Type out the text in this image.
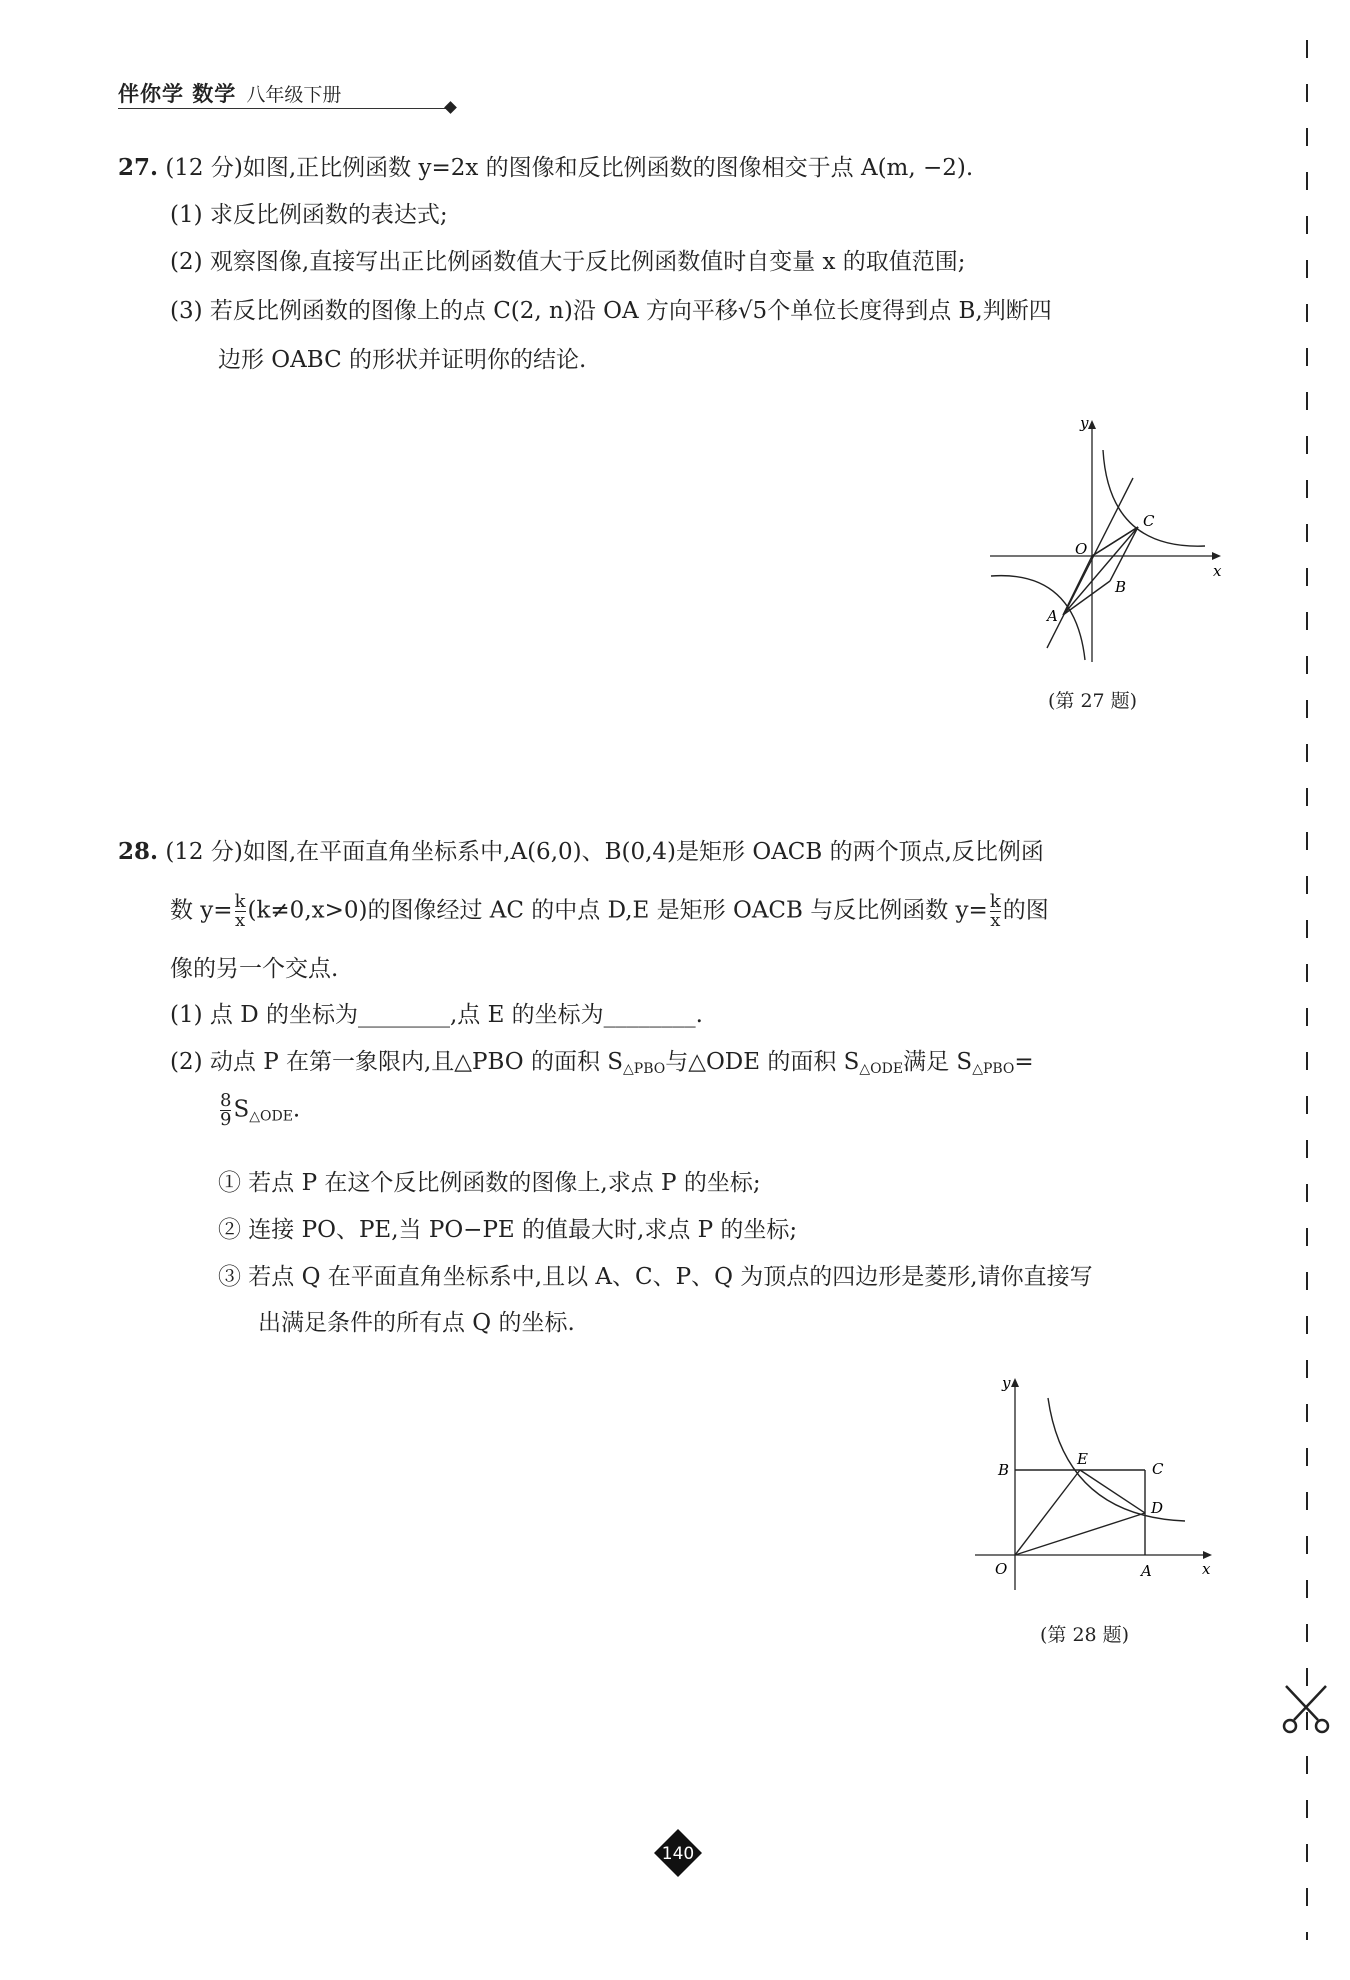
伴你学 数学 八年级下册
27. (12 分)如图,正比例函数 y=2x 的图像和反比例函数的图像相交于点 A(m, −2).
(1) 求反比例函数的表达式;
(2) 观察图像,直接写出正比例函数值大于反比例函数值时自变量 x 的取值范围;
(3) 若反比例函数的图像上的点 C(2, n)沿 OA 方向平移√5个单位长度得到点 B,判断四
边形 OABC 的形状并证明你的结论.
y
x
O
C
B
A
(第 27 题)
28. (12 分)如图,在平面直角坐标系中,A(6,0)、B(0,4)是矩形 OACB 的两个顶点,反比例函
数 $y= \frac{k}{x} (k\ne 0,x>0)$的图像经过 AC 的中点 D,E 是矩形 OACB 与反比例函数 $y= \frac{k}{x}$ 的图
像的另一个交点.
(1) 点 D 的坐标为________,点 E 的坐标为________.
(2) 动点 P 在第一象限内,且△PBO 的面积 S△PBO与△ODE 的面积 S△ODE满足 S△PBO=
$\frac{8}{9}$ S△ODE.
① 若点 P 在这个反比例函数的图像上,求点 P 的坐标;
② 连接 PO、PE,当 PO−PE 的值最大时,求点 P 的坐标;
③ 若点 Q 在平面直角坐标系中,且以 A、C、P、Q 为顶点的四边形是菱形,请你直接写
出满足条件的所有点 Q 的坐标.
y
x
O	A
B	C
E
D
(第 28 题)
140
